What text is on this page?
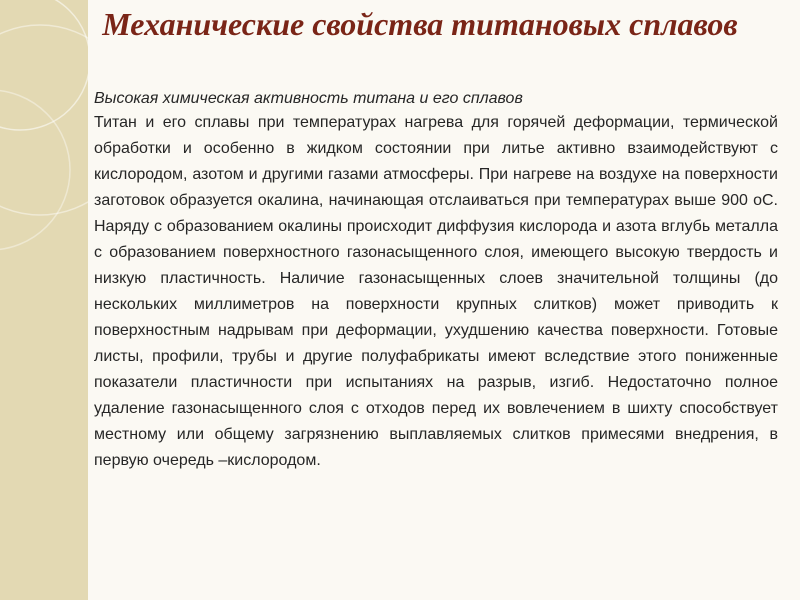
Механические свойства титановых сплавов
Высокая химическая активность титана и его сплавов
Титан и его сплавы при температурах нагрева для горячей деформации, термической обработки и особенно в жидком состоянии при литье активно взаимодействуют с кислородом, азотом и другими газами атмосферы. При нагреве на воздухе на поверхности заготовок образуется окалина, начинающая отслаиваться при температурах выше 900 оС. Наряду с образованием окалины происходит диффузия кислорода и азота вглубь металла с образованием поверхностного газонасыщенного слоя, имеющего высокую твердость и низкую пластичность. Наличие газонасыщенных слоев значительной толщины (до нескольких миллиметров на поверхности крупных слитков) может приводить к поверхностным надрывам при деформации, ухудшению качества поверхности. Готовые листы, профили, трубы и другие полуфабрикаты имеют вследствие этого пониженные показатели пластичности при испытаниях на разрыв, изгиб. Недостаточно полное удаление газонасыщенного слоя с отходов перед их вовлечением в шихту способствует местному или общему загрязнению выплавляемых слитков примесями внедрения, в первую очередь –кислородом.
